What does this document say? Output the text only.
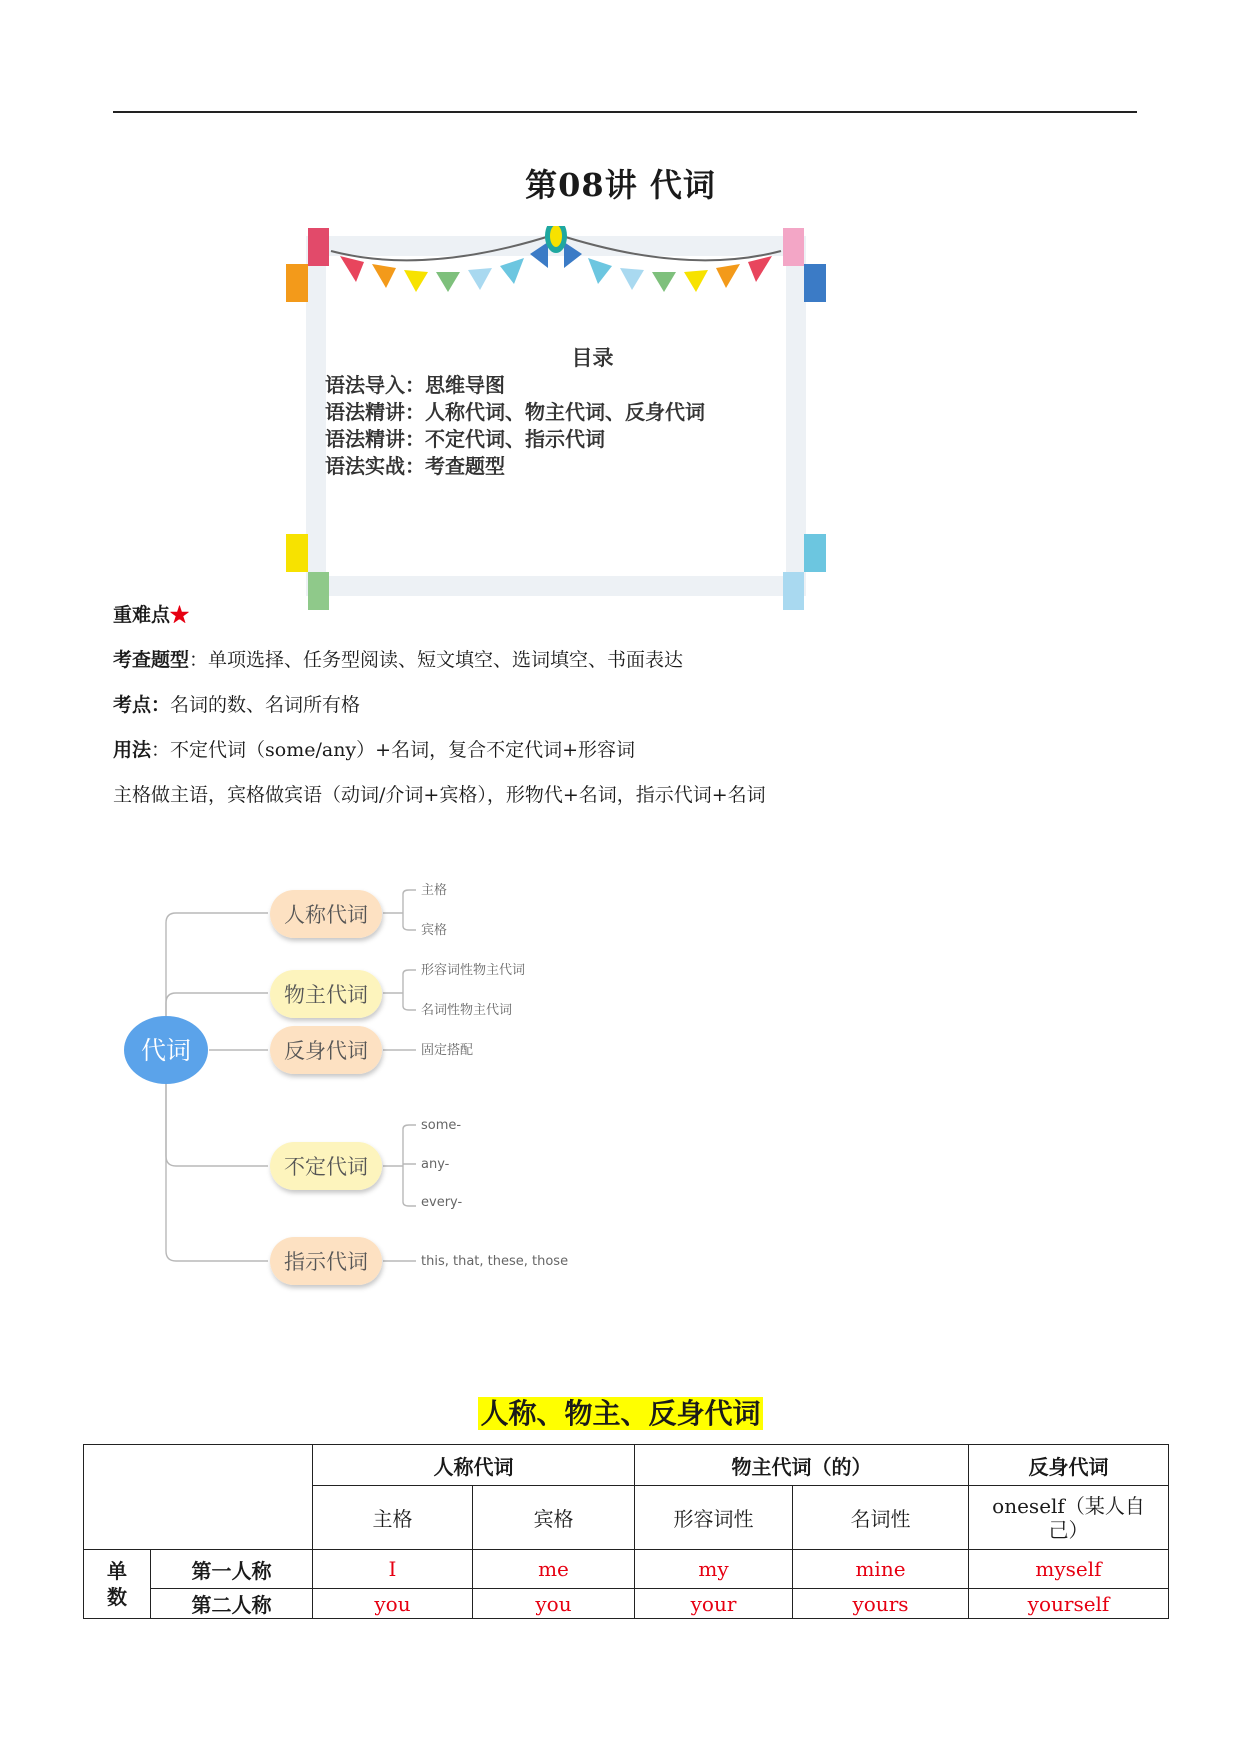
第08讲 代词
目录
语法导入：思维导图
语法精讲：人称代词、物主代词、反身代词
语法精讲：不定代词、指示代词
语法实战：考查题型
重难点★
考查题型：单项选择、任务型阅读、短文填空、选词填空、书面表达
考点：名词的数、名词所有格
用法：不定代词（some/any）+名词，复合不定代词+形容词
主格做主语，宾格做宾语（动词/介词+宾格），形物代+名词，指示代词+名词
代词
人称代词
物主代词
反身代词
不定代词
指示代词
主格
宾格
形容词性物主代词
名词性物主代词
固定搭配
some-
any-
every-
this, that, these, those
人称、物主、反身代词
		人称代词		物主代词（的）		反身代词
		主格	宾格	形容词性	名词性	oneself（某人自己）
单数	第一人称	I	me	my	mine	myself
	第二人称	you	you	your	yours	yourself
